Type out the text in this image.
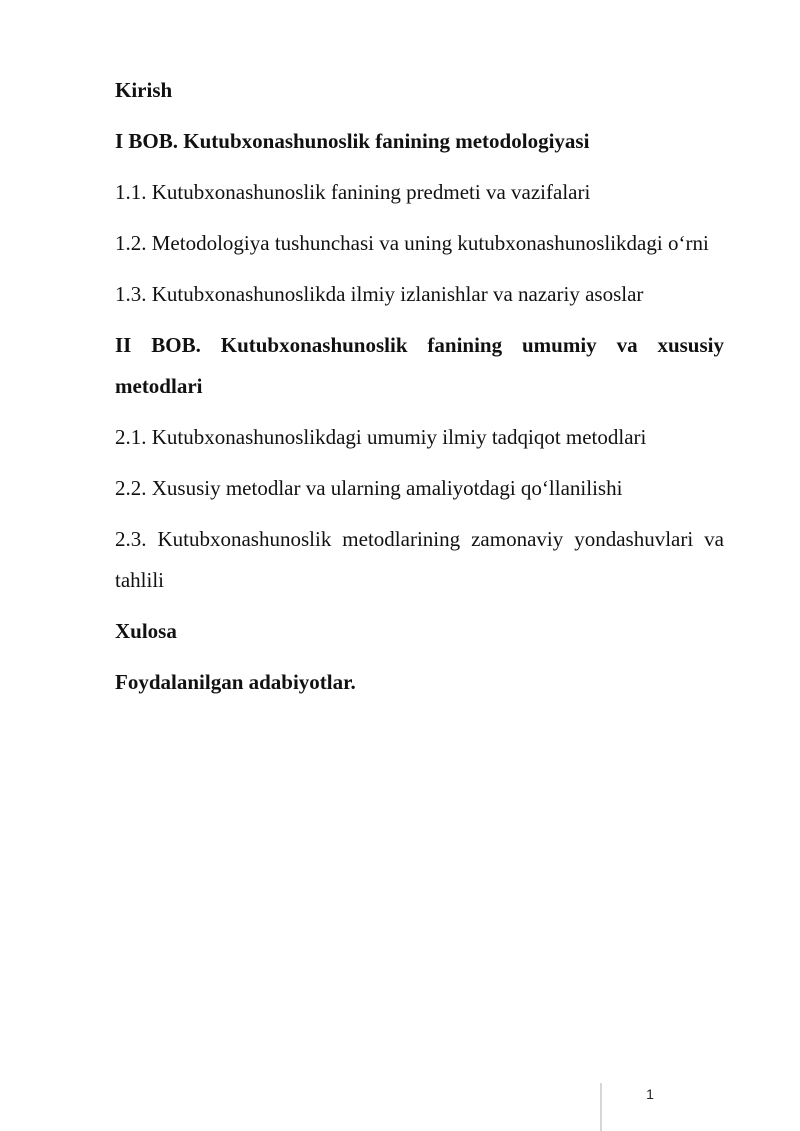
Kirish

I BOB. Kutubxonashunoslik fanining metodologiyasi

1.1. Kutubxonashunoslik fanining predmeti va vazifalari

1.2. Metodologiya tushunchasi va uning kutubxonashunoslikdagi o‘rni

1.3. Kutubxonashunoslikda ilmiy izlanishlar va nazariy asoslar

II BOB. Kutubxonashunoslik fanining umumiy va xususiy metodlari

2.1. Kutubxonashunoslikdagi umumiy ilmiy tadqiqot metodlari

2.2. Xususiy metodlar va ularning amaliyotdagi qo‘llanilishi

2.3. Kutubxonashunoslik metodlarining zamonaviy yondashuvlari va tahlili

Xulosa

Foydalanilgan adabiyotlar.

1
